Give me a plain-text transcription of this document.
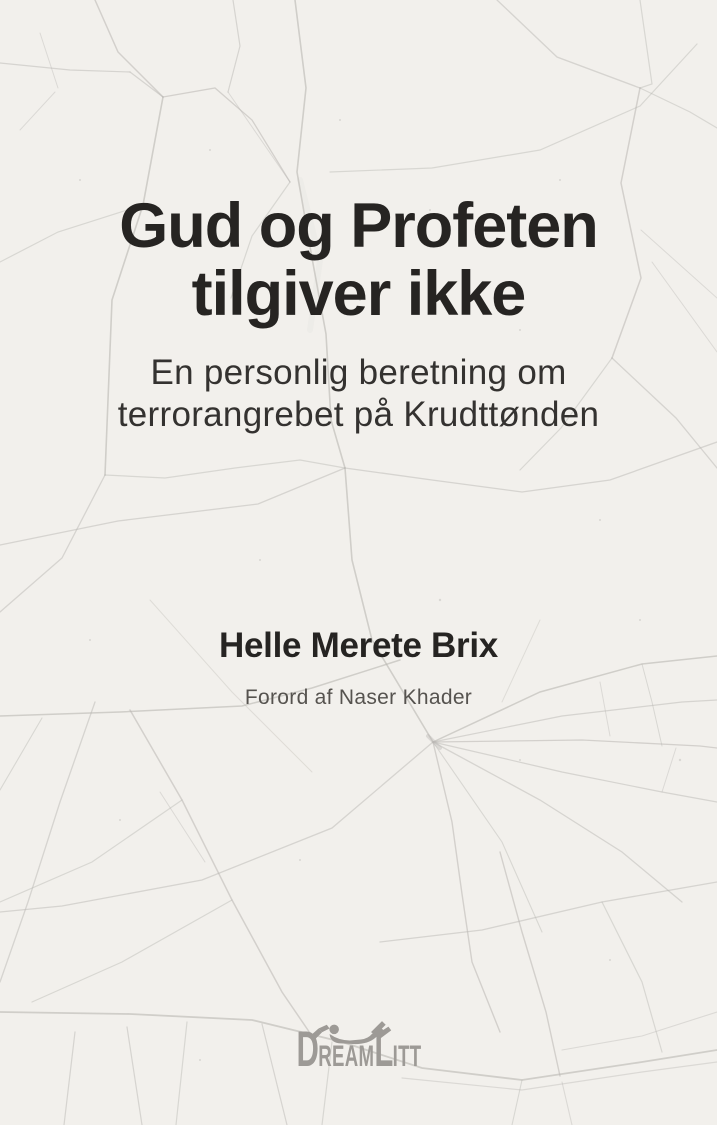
Gud og Profeten
tilgiver ikke
En personlig beretning om
terrorangrebet på Krudttønden
Helle Merete Brix
Forord af Naser Khader
DREAMLITT
